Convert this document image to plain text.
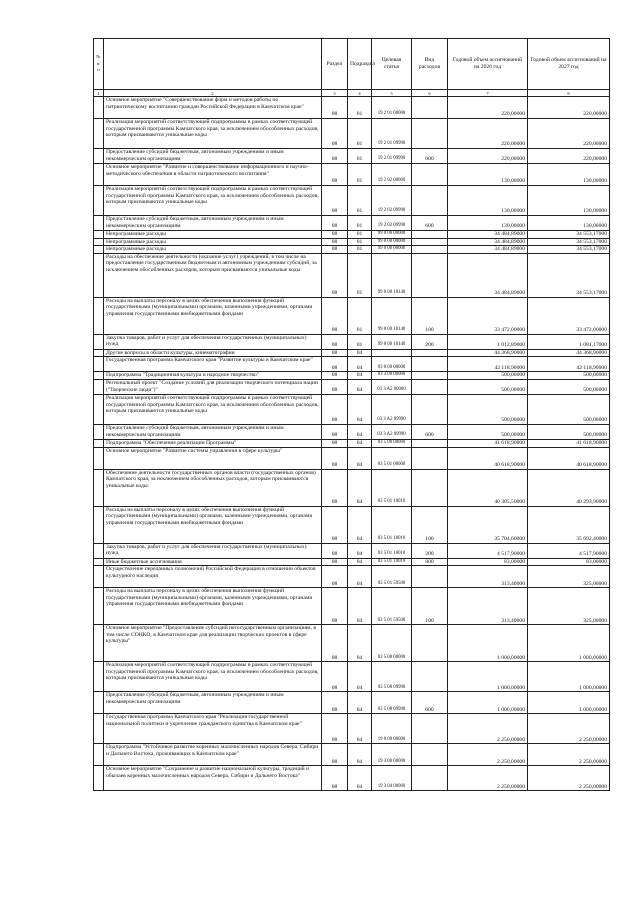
№ п/п		Раздел	Подраздел	Целевая статья	Вид расходов	Годовой объем ассигнований на 2026 год	Годовой объем ассигнований на 2027 год
1	2	3	4	5	6	7	8
	Основное мероприятие "Совершенствование форм и методов работы по патриотическому воспитанию граждан Российской Федерации в Камчатском крае"	08	01	19 2 01 00000		220,00000	220,00000
	Реализация мероприятий соответствующей подпрограммы в рамках соответствующей государственной программы Камчатского края, за исключением обособленных расходов, которым присваиваются уникальные коды	08	01	19 2 01 09990		220,00000	220,00000
	Предоставление субсидий бюджетным, автономным учреждениям и иным некоммерческим организациям	08	01	19 2 01 09990	600	220,00000	220,00000
	Основное мероприятие "Развитие и совершенствование информационного и научно-методического обеспечения в области патриотического воспитания"	08	01	19 2 02 00000		130,00000	130,00000
	Реализация мероприятий соответствующей подпрограммы в рамках соответствующей государственной программы Камчатского края, за исключением обособленных расходов, которым присваиваются уникальные коды	08	01	19 2 02 09990		130,00000	130,00000
	Предоставление субсидий бюджетным, автономным учреждениям и иным некоммерческим организациям	08	01	19 2 02 09990	600	130,00000	130,00000
	Непрограммные расходы	08	01	99 0 00 00000		34 484,89000	34 553,17000
	Непрограммные расходы	08	01	99 0 00 00000		34 484,89000	34 553,17000
	Непрограммные расходы	08	01	99 0 00 00000		34 484,89000	34 553,17000
	Расходы на обеспечение деятельности (оказание услуг) учреждений, в том числе на предоставление государственным бюджетным и автономным учреждениям субсидий, за исключением обособленных расходов, которым присваиваются уникальные коды	08	01	99 0 00 10140		34 484,89000	34 553,17000
	Расходы на выплаты персоналу в целях обеспечения выполнения функций государственными (муниципальными) органами, казенными учреждениями, органами управления государственными внебюджетными фондами	08	01	99 0 00 10140	100	33 472,00000	33 472,00000
	Закупка товаров, работ и услуг для обеспечения государственных (муниципальных) нужд	08	01	99 0 00 10140	200	1 012,89000	1 081,17000
	Другие вопросы в области культуры, кинематографии	08	04			44 368,90000	44 368,90000
	Государственная программа Камчатского края "Развитие культуры в Камчатском крае"	08	04	03 0 00 00000		42 118,90000	42 118,90000
	Подпрограмма "Традиционная культура и народное творчество"	08	04	03 3 00 00000		500,00000	500,00000
	Региональный проект "Создание условий для реализации творческого потенциала нации ("Творческие люди")"	08	04	03 3 A2 00000		500,00000	500,00000
	Реализация мероприятий соответствующей подпрограммы в рамках соответствующей государственной программы Камчатского края, за исключением обособленных расходов, которым присваиваются уникальные коды	08	04	03 3 A2 09990		500,00000	500,00000
	Предоставление субсидий бюджетным, автономным учреждениям и иным некоммерческим организациям	08	04	03 3 A2 09990	600	500,00000	500,00000
	Подпрограмма "Обеспечение реализации Программы"	08	04	03 5 00 00000		41 618,90000	41 618,90000
	Основное мероприятие "Развитие системы управления в сфере культуры"	08	04	03 5 01 00000		40 618,90000	40 618,90000
	Обеспечение деятельности государственных органов власти (государственных органов) Камчатского края, за исключением обособленных расходов, которым присваиваются уникальные коды.	08	04	03 5 01 10010		40 305,50000	40 293,90000
	Расходы на выплаты персоналу в целях обеспечения выполнения функций государственными (муниципальными) органами, казенными учреждениями, органами управления государственными внебюджетными фондами	08	04	03 5 01 10010	100	35 704,60000	35 692,40000
	Закупка товаров, работ и услуг для обеспечения государственных (муниципальных) нужд	08	04	03 5 01 10010	200	4 517,90000	4 517,90000
	Иные бюджетные ассигнования	08	04	03 5 01 10010	800	83,00000	83,00000
	Осуществление переданных полномочий Российской Федерации в отношении объектов культурного наследия	08	04	03 5 01 59500		313,40000	325,00000
	Расходы на выплаты персоналу в целях обеспечения выполнения функций государственными (муниципальными) органами, казенными учреждениями, органами управления государственными внебюджетными фондами	08	04	03 5 01 59500	100	313,40000	325,00000
	Основное мероприятие "Предоставление субсидий негосударственным организациям, в том числе СОНКО, в Камчатском крае для реализации творческих проектов в сфере культуры"	08	04	03 5 08 00000		1 000,00000	1 000,00000
	Реализация мероприятий соответствующей подпрограммы в рамках соответствующей государственной программы Камчатского края, за исключением обособленных расходов, которым присваиваются уникальные коды	08	04	03 5 08 09990		1 000,00000	1 000,00000
	Предоставление субсидий бюджетным, автономным учреждениям и иным некоммерческим организациям	08	04	03 5 08 09990	600	1 000,00000	1 000,00000
	Государственная программа Камчатского края "Реализация государственной национальной политики и укрепление гражданского единства в Камчатском крае"	08	04	19 0 00 00000		2 250,00000	2 250,00000
	Подпрограмма "Устойчивое развитие коренных малочисленных народов Севера, Сибири и Дальнего Востока, проживающих в Камчатском крае"	08	04	19 3 00 00000		2 250,00000	2 250,00000
	Основное мероприятие "Сохранение и развитие национальной культуры, традиций и обычаев коренных малочисленных народов Севера, Сибири и Дальнего Востока"	08	04	19 3 04 00000		2 250,00000	2 250,00000
